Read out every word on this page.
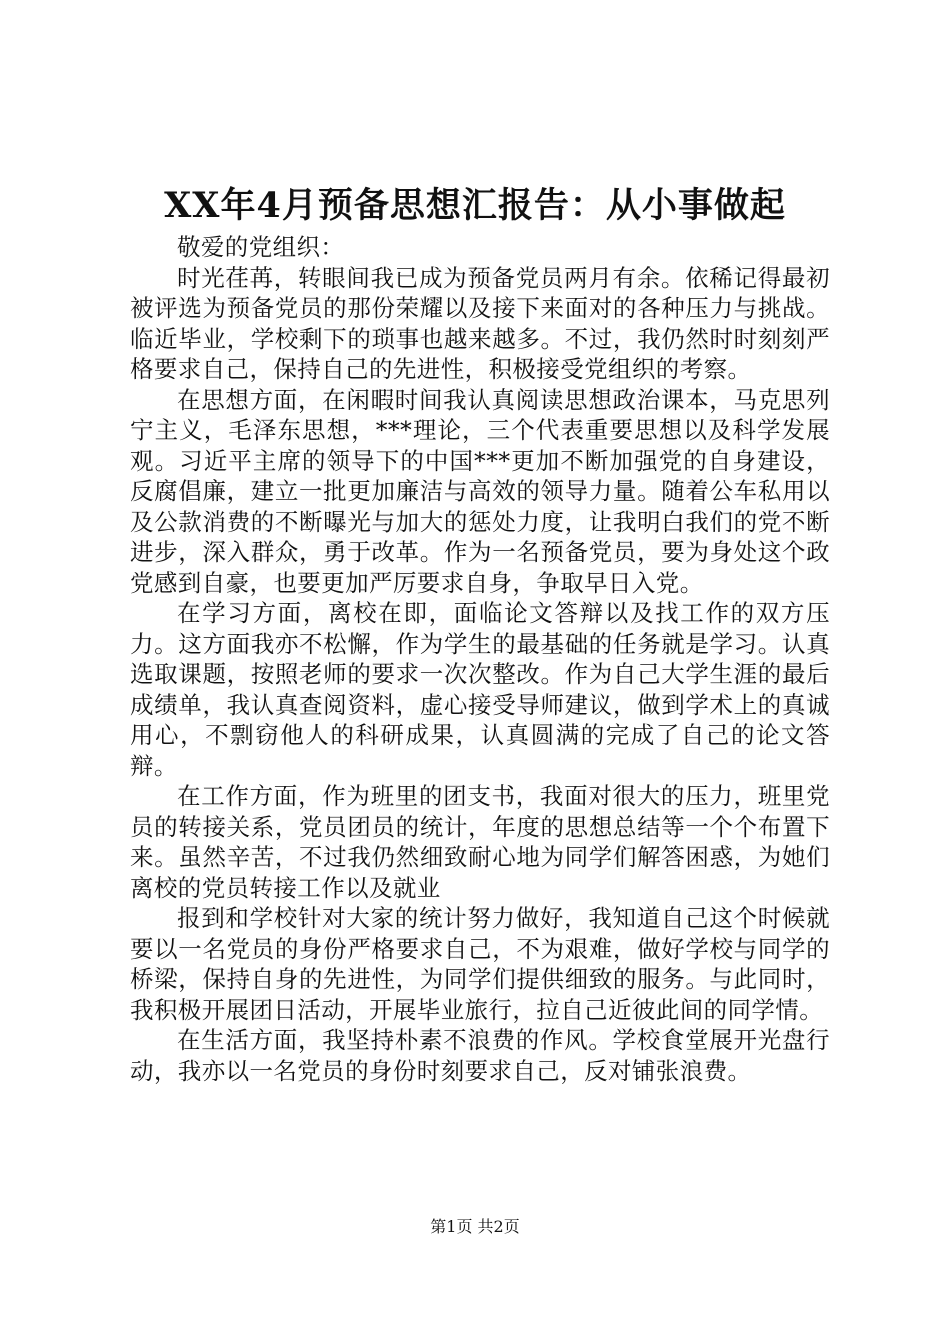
XX年4月预备思想汇报告：从小事做起

敬爱的党组织：

时光荏苒，转眼间我已成为预备党员两月有余。依稀记得最初被评选为预备党员的那份荣耀以及接下来面对的各种压力与挑战。临近毕业，学校剩下的琐事也越来越多。不过，我仍然时时刻刻严格要求自己，保持自己的先进性，积极接受党组织的考察。

在思想方面，在闲暇时间我认真阅读思想政治课本，马克思列宁主义，毛泽东思想，***理论，三个代表重要思想以及科学发展观。习近平主席的领导下的中国***更加不断加强党的自身建设，反腐倡廉，建立一批更加廉洁与高效的领导力量。随着公车私用以及公款消费的不断曝光与加大的惩处力度，让我明白我们的党不断进步，深入群众，勇于改革。作为一名预备党员，要为身处这个政党感到自豪，也要更加严厉要求自身，争取早日入党。

在学习方面，离校在即，面临论文答辩以及找工作的双方压力。这方面我亦不松懈，作为学生的最基础的任务就是学习。认真选取课题，按照老师的要求一次次整改。作为自己大学生涯的最后成绩单，我认真查阅资料，虚心接受导师建议，做到学术上的真诚用心，不剽窃他人的科研成果，认真圆满的完成了自己的论文答辩。

在工作方面，作为班里的团支书，我面对很大的压力，班里党员的转接关系，党员团员的统计，年度的思想总结等一个个布置下来。虽然辛苦，不过我仍然细致耐心地为同学们解答困惑，为她们离校的党员转接工作以及就业

报到和学校针对大家的统计努力做好，我知道自己这个时候就要以一名党员的身份严格要求自己，不为艰难，做好学校与同学的桥梁，保持自身的先进性，为同学们提供细致的服务。与此同时，我积极开展团日活动，开展毕业旅行，拉自己近彼此间的同学情。

在生活方面，我坚持朴素不浪费的作风。学校食堂展开光盘行动，我亦以一名党员的身份时刻要求自己，反对铺张浪费。

第1页 共2页
